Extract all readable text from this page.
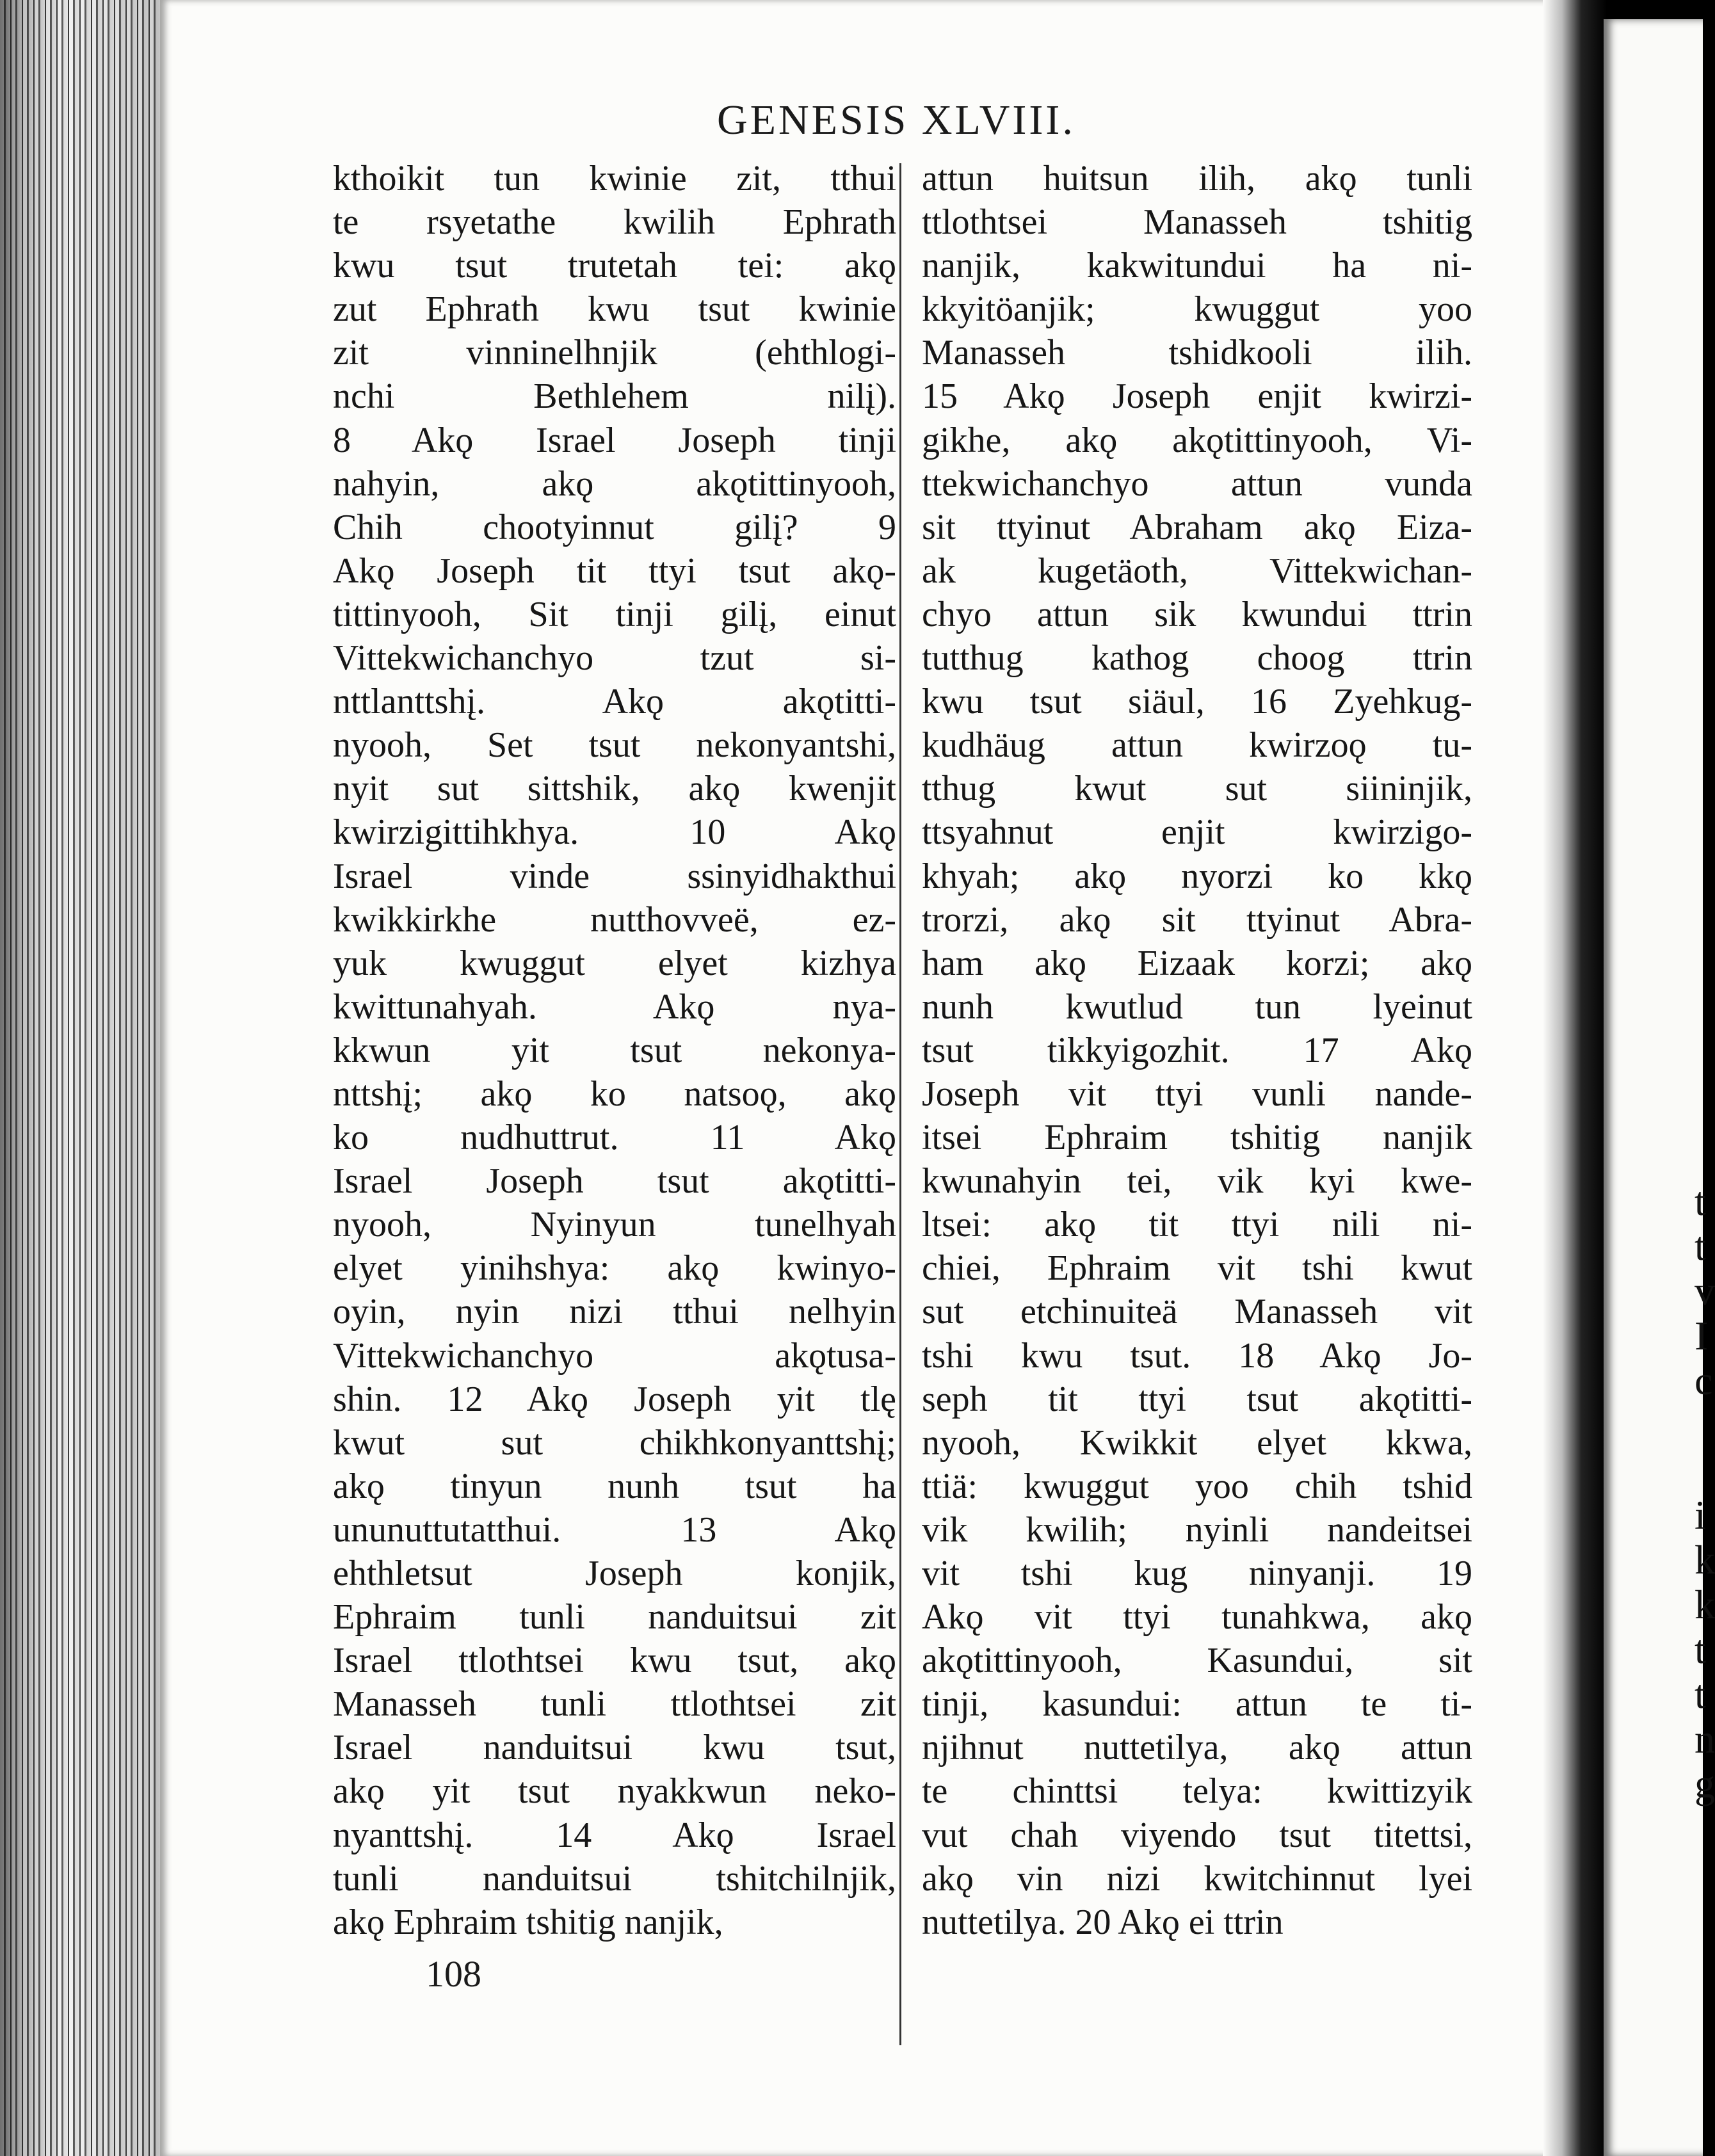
t
t
v
I
c
i
k
k
t
t
n
g
GENESIS XLVIII.
kthoikit tun kwinie zit, tthui
te rsyetathe kwilih Ephrath
kwu tsut trutetah tei: akǫ
zut Ephrath kwu tsut kwinie
zit vinninelhnjik (ehthlogi-
nchi Bethlehem nilį).
8 Akǫ Israel Joseph tinji
nahyin, akǫ akǫtittinyooh,
Chih chootyinnut gilį? 9
Akǫ Joseph tit ttyi tsut akǫ-
tittinyooh, Sit tinji gilį, einut
Vittekwichanchyo tzut si-
nttlanttshį. Akǫ akǫtitti-
nyooh, Set tsut nekonyantshi,
nyit sut sittshik, akǫ kwenjit
kwirzigittihkhya. 10 Akǫ
Israel vinde ssinyidhakthui
kwikkirkhe nutthovveë, ez-
yuk kwuggut elyet kizhya
kwittunahyah. Akǫ nya-
kkwun yit tsut nekonya-
nttshį; akǫ ko natsoǫ, akǫ
ko nudhuttrut. 11 Akǫ
Israel Joseph tsut akǫtitti-
nyooh, Nyinyun tunelhyah
elyet yinihshya: akǫ kwinyo-
oyin, nyin nizi tthui nelhyin
Vittekwichanchyo akǫtusa-
shin. 12 Akǫ Joseph yit tlę
kwut sut chikhkonyanttshį;
akǫ tinyun nunh tsut ha
ununuttutatthui. 13 Akǫ
ehthletsut Joseph konjik,
Ephraim tunli nanduitsui zit
Israel ttlothtsei kwu tsut, akǫ
Manasseh tunli ttlothtsei zit
Israel nanduitsui kwu tsut,
akǫ yit tsut nyakkwun neko-
nyanttshį. 14 Akǫ Israel
tunli nanduitsui tshitchilnjik,
akǫ Ephraim tshitig nanjik,
attun huitsun ilih, akǫ tunli
ttlothtsei Manasseh tshitig
nanjik, kakwitundui ha ni-
kkyitöanjik; kwuggut yoo
Manasseh tshidkooli ilih.
15 Akǫ Joseph enjit kwirzi-
gikhe, akǫ akǫtittinyooh, Vi-
ttekwichanchyo attun vunda
sit ttyinut Abraham akǫ Eiza-
ak kugetäoth, Vittekwichan-
chyo attun sik kwundui ttrin
tutthug kathog choog ttrin
kwu tsut siäul, 16 Zyehkug-
kudhäug attun kwirzoǫ tu-
tthug kwut sut siininjik,
ttsyahnut enjit kwirzigo-
khyah; akǫ nyorzi ko kkǫ
trorzi, akǫ sit ttyinut Abra-
ham akǫ Eizaak korzi; akǫ
nunh kwutlud tun lyeinut
tsut tikkyigozhit. 17 Akǫ
Joseph vit ttyi vunli nande-
itsei Ephraim tshitig nanjik
kwunahyin tei, vik kyi kwe-
ltsei: akǫ tit ttyi nili ni-
chiei, Ephraim vit tshi kwut
sut etchinuiteä Manasseh vit
tshi kwu tsut. 18 Akǫ Jo-
seph tit ttyi tsut akǫtitti-
nyooh, Kwikkit elyet kkwa,
ttiä: kwuggut yoo chih tshid
vik kwilih; nyinli nandeitsei
vit tshi kug ninyanji. 19
Akǫ vit ttyi tunahkwa, akǫ
akǫtittinyooh, Kasundui, sit
tinji, kasundui: attun te ti-
njihnut nuttetilya, akǫ attun
te chinttsi telya: kwittizyik
vut chah viyendo tsut titettsi,
akǫ vin nizi kwitchinnut lyei
nuttetilya. 20 Akǫ ei ttrin
108
